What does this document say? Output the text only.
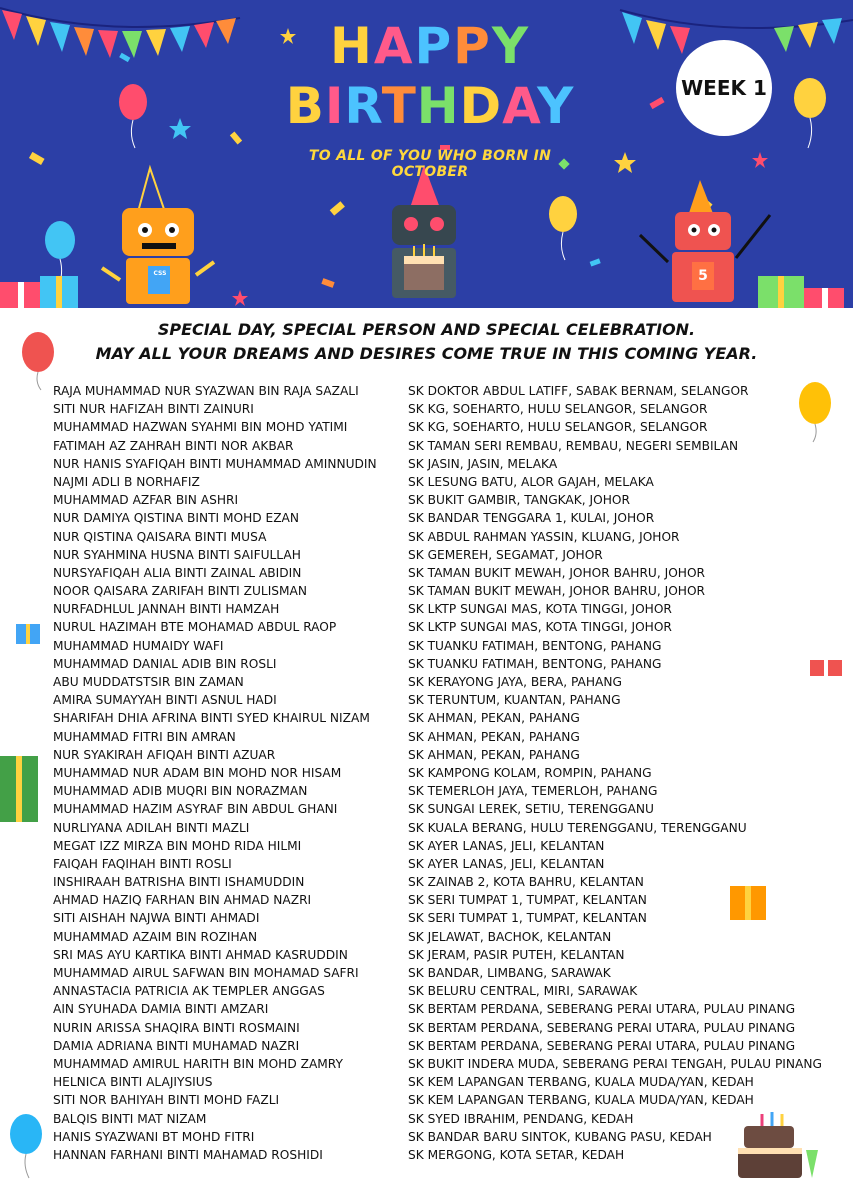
HAPPY
BIRTHDAY
TO ALL OF YOU WHO BORN IN OCTOBER
CSS	5
WEEK 1
SPECIAL DAY, SPECIAL PERSON AND SPECIAL CELEBRATION.
MAY ALL YOUR DREAMS AND DESIRES COME TRUE IN THIS COMING YEAR.
RAJA MUHAMMAD NUR SYAZWAN BIN RAJA SAZALI
SITI NUR HAFIZAH BINTI ZAINURI
MUHAMMAD HAZWAN SYAHMI BIN MOHD YATIMI
FATIMAH AZ ZAHRAH BINTI NOR AKBAR
NUR HANIS SYAFIQAH BINTI MUHAMMAD AMINNUDIN
NAJMI ADLI B NORHAFIZ
MUHAMMAD AZFAR BIN ASHRI
NUR DAMIYA QISTINA BINTI MOHD EZAN
NUR QISTINA QAISARA BINTI MUSA
NUR SYAHMINA HUSNA BINTI SAIFULLAH
NURSYAFIQAH ALIA BINTI ZAINAL ABIDIN
NOOR QAISARA ZARIFAH BINTI ZULISMAN
NURFADHLUL JANNAH BINTI HAMZAH
NURUL HAZIMAH BTE MOHAMAD ABDUL RAOP
MUHAMMAD HUMAIDY WAFI
MUHAMMAD DANIAL ADIB BIN ROSLI
ABU MUDDATSTSIR BIN ZAMAN
AMIRA SUMAYYAH BINTI ASNUL HADI
SHARIFAH DHIA AFRINA BINTI SYED KHAIRUL NIZAM
MUHAMMAD FITRI BIN AMRAN
NUR SYAKIRAH AFIQAH BINTI AZUAR
MUHAMMAD NUR ADAM BIN MOHD NOR HISAM
MUHAMMAD ADIB MUQRI BIN NORAZMAN
MUHAMMAD HAZIM ASYRAF BIN ABDUL GHANI
NURLIYANA ADILAH BINTI MAZLI
MEGAT IZZ MIRZA BIN MOHD RIDA HILMI
FAIQAH FAQIHAH BINTI ROSLI
INSHIRAAH BATRISHA BINTI ISHAMUDDIN
AHMAD HAZIQ FARHAN BIN AHMAD NAZRI
SITI AISHAH NAJWA BINTI AHMADI
MUHAMMAD AZAIM BIN ROZIHAN
SRI MAS AYU KARTIKA BINTI AHMAD KASRUDDIN
MUHAMMAD AIRUL SAFWAN BIN MOHAMAD SAFRI
ANNASTACIA PATRICIA AK TEMPLER ANGGAS
AIN SYUHADA DAMIA BINTI AMZARI
NURIN ARISSA SHAQIRA BINTI ROSMAINI
DAMIA ADRIANA BINTI MUHAMAD NAZRI
MUHAMMAD AMIRUL HARITH BIN MOHD ZAMRY
HELNICA BINTI ALAJIYSIUS
SITI NOR BAHIYAH BINTI MOHD FAZLI
BALQIS BINTI MAT NIZAM
HANIS SYAZWANI BT MOHD FITRI
HANNAN FARHANI BINTI MAHAMAD ROSHIDI
SK DOKTOR ABDUL LATIFF, SABAK BERNAM, SELANGOR
SK KG, SOEHARTO, HULU SELANGOR, SELANGOR
SK KG, SOEHARTO, HULU SELANGOR, SELANGOR
SK TAMAN SERI REMBAU, REMBAU, NEGERI SEMBILAN
SK JASIN, JASIN, MELAKA
SK LESUNG BATU, ALOR GAJAH, MELAKA
SK BUKIT GAMBIR, TANGKAK, JOHOR
SK BANDAR TENGGARA 1, KULAI, JOHOR
SK ABDUL RAHMAN YASSIN, KLUANG, JOHOR
SK GEMEREH, SEGAMAT, JOHOR
SK TAMAN BUKIT MEWAH, JOHOR BAHRU, JOHOR
SK TAMAN BUKIT MEWAH, JOHOR BAHRU, JOHOR
SK LKTP SUNGAI MAS, KOTA TINGGI, JOHOR
SK LKTP SUNGAI MAS, KOTA TINGGI, JOHOR
SK TUANKU FATIMAH, BENTONG, PAHANG
SK TUANKU FATIMAH, BENTONG, PAHANG
SK KERAYONG JAYA, BERA, PAHANG
SK TERUNTUM, KUANTAN, PAHANG
SK AHMAN, PEKAN, PAHANG
SK AHMAN, PEKAN, PAHANG
SK AHMAN, PEKAN, PAHANG
SK KAMPONG KOLAM, ROMPIN, PAHANG
SK TEMERLOH JAYA, TEMERLOH, PAHANG
SK SUNGAI LEREK, SETIU, TERENGGANU
SK KUALA BERANG, HULU TERENGGANU, TERENGGANU
SK AYER LANAS, JELI, KELANTAN
SK AYER LANAS, JELI, KELANTAN
SK ZAINAB 2, KOTA BAHRU, KELANTAN
SK SERI TUMPAT 1, TUMPAT, KELANTAN
SK SERI TUMPAT 1, TUMPAT, KELANTAN
SK JELAWAT, BACHOK, KELANTAN
SK JERAM, PASIR PUTEH, KELANTAN
SK BANDAR, LIMBANG, SARAWAK
SK BELURU CENTRAL, MIRI, SARAWAK
SK BERTAM PERDANA, SEBERANG PERAI UTARA, PULAU PINANG
SK BERTAM PERDANA, SEBERANG PERAI UTARA, PULAU PINANG
SK BERTAM PERDANA, SEBERANG PERAI UTARA, PULAU PINANG
SK BUKIT INDERA MUDA, SEBERANG PERAI TENGAH, PULAU PINANG
SK KEM LAPANGAN TERBANG, KUALA MUDA/YAN, KEDAH
SK KEM LAPANGAN TERBANG, KUALA MUDA/YAN, KEDAH
SK SYED IBRAHIM, PENDANG, KEDAH
SK BANDAR BARU SINTOK, KUBANG PASU, KEDAH
SK MERGONG, KOTA SETAR, KEDAH
